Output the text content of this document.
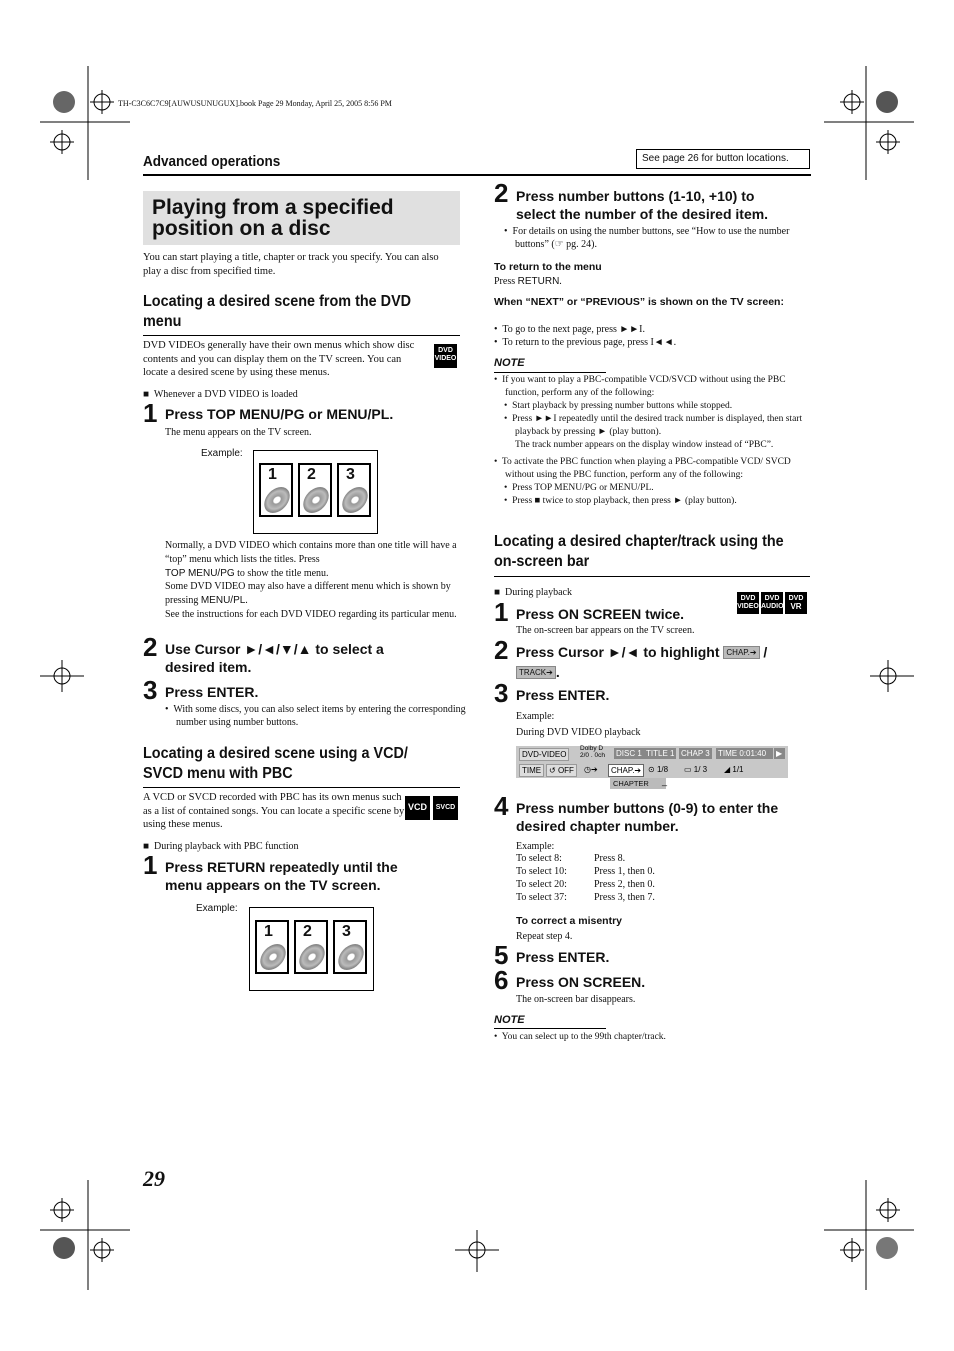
TH-C3C6C7C9[AUWUSUNUGUX].book Page 29 Monday, April 25, 2005 8:56 PM
Advanced operations	See page 26 for button locations.
Playing from a specified
position on a disc
You can start playing a title, chapter or track you specify. You can also play a disc from specified time.
Locating a desired scene from the DVD
menu
DVD VIDEOs generally have their own menus which show disc contents and you can display them on the TV screen. You can locate a desired scene by using these menus.
DVD
VIDEO
■  Whenever a DVD VIDEO is loaded
1 Press TOP MENU/PG or MENU/PL.
The menu appears on the TV screen.
Example:
1 2 3
Normally, a DVD VIDEO which contains more than one title will have a “top” menu which lists the titles. Press
TOP MENU/PG to show the title menu.
Some DVD VIDEO may also have a different menu which is shown by pressing MENU/PL.
See the instructions for each DVD VIDEO regarding its particular menu.
2 Use Cursor ►/◄/▼/▲ to select a
desired item.
3 Press ENTER.
•  With some discs, you can also select items by entering the corresponding number using number buttons.
Locating a desired scene using a VCD/
SVCD menu with PBC
A VCD or SVCD recorded with PBC has its own menus such as a list of contained songs. You can locate a specific scene by using these menus.
VCD	SVCD
■  During playback with PBC function
1 Press RETURN repeatedly until the
menu appears on the TV screen.
Example:
1 2 3
2 Press number buttons (1-10, +10) to
select the number of the desired item.
•  For details on using the number buttons, see “How to use the number buttons” (☞ pg. 24).
To return to the menu
Press RETURN.
When “NEXT” or “PREVIOUS” is shown on the TV screen:
•  To go to the next page, press ►►I.
•  To return to the previous page, press I◄◄.
NOTE
•  If you want to play a PBC-compatible VCD/SVCD without using the PBC function, perform any of the following:
•  Start playback by pressing number buttons while stopped.
•  Press ►►I repeatedly until the desired track number is displayed, then start playback by pressing ► (play button).
The track number appears on the display window instead of “PBC”.
•  To activate the PBC function when playing a PBC-compatible VCD/ SVCD without using the PBC function, perform any of the following:
•  Press TOP MENU/PG or MENU/PL.
•  Press ■ twice to stop playback, then press ► (play button).
Locating a desired chapter/track using the
on-screen bar
■  During playback
DVD
VIDEO
DVD
AUDIO
DVD
VR
1 Press ON SCREEN twice.
The on-screen bar appears on the TV screen.
2 Press Cursor ►/◄ to highlight CHAP.➔ /
TRACK➔ .
3 Press ENTER.
Example:
During DVD VIDEO playback
DVD-VIDEO
Dolby D
2/0 . 0ch DISC 1 TITLE 1 CHAP 3 TIME 0:01:40	▶
TIME ↺ OFF	◷➔	CHAP.➔ ⊙ 1/8 ▭ 1/ 3 ◢ 1/1
CHAPTER	_
4 Press number buttons (0-9) to enter the
desired chapter number.
Example:
To select 8:	Press 8.
To select 10:	Press 1, then 0.
To select 20:	Press 2, then 0.
To select 37:	Press 3, then 7.
To correct a misentry
Repeat step 4.
5 Press ENTER.
6 Press ON SCREEN.
The on-screen bar disappears.
NOTE
•  You can select up to the 99th chapter/track.
29
